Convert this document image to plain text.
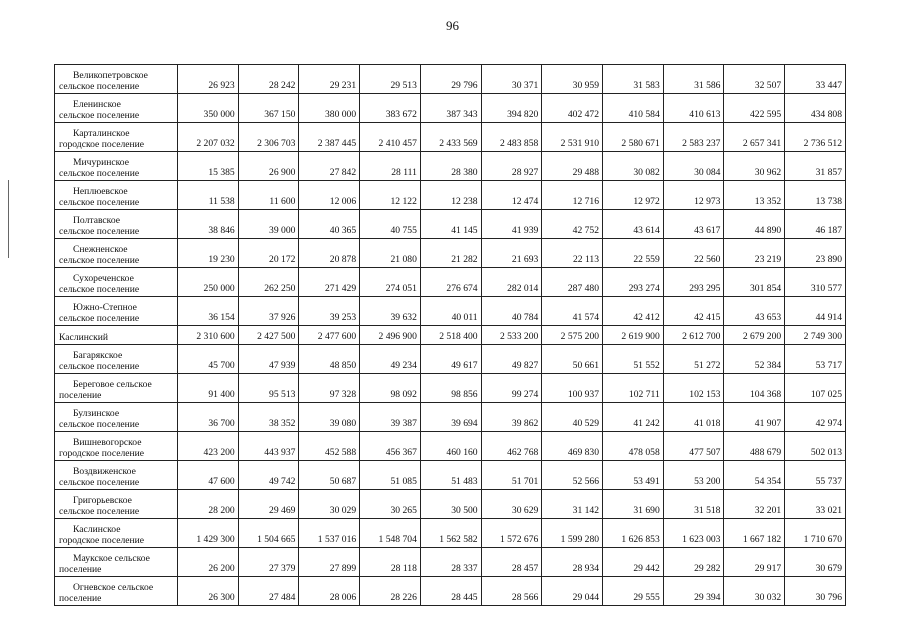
96
Великопетровское
сельское поселение	26 923	28 242	29 231	29 513	29 796	30 371	30 959	31 583	31 586	32 507	33 447

Еленинское
сельское поселение	350 000	367 150	380 000	383 672	387 343	394 820	402 472	410 584	410 613	422 595	434 808

Карталинское
городское поселение	2 207 032	2 306 703	2 387 445	2 410 457	2 433 569	2 483 858	2 531 910	2 580 671	2 583 237	2 657 341	2 736 512

Мичуринское
сельское поселение	15 385	26 900	27 842	28 111	28 380	28 927	29 488	30 082	30 084	30 962	31 857

Неплюевское
сельское поселение	11 538	11 600	12 006	12 122	12 238	12 474	12 716	12 972	12 973	13 352	13 738

Полтавское
сельское поселение	38 846	39 000	40 365	40 755	41 145	41 939	42 752	43 614	43 617	44 890	46 187

Снежненское
сельское поселение	19 230	20 172	20 878	21 080	21 282	21 693	22 113	22 559	22 560	23 219	23 890

Сухореченское
сельское поселение	250 000	262 250	271 429	274 051	276 674	282 014	287 480	293 274	293 295	301 854	310 577

Южно-Степное
сельское поселение	36 154	37 926	39 253	39 632	40 011	40 784	41 574	42 412	42 415	43 653	44 914

Каслинский	2 310 600	2 427 500	2 477 600	2 496 900	2 518 400	2 533 200	2 575 200	2 619 900	2 612 700	2 679 200	2 749 300

Багарякское
сельское поселение	45 700	47 939	48 850	49 234	49 617	49 827	50 661	51 552	51 272	52 384	53 717

Береговое сельское
поселение	91 400	95 513	97 328	98 092	98 856	99 274	100 937	102 711	102 153	104 368	107 025

Булзинское
сельское поселение	36 700	38 352	39 080	39 387	39 694	39 862	40 529	41 242	41 018	41 907	42 974

Вишневогорское
городское поселение	423 200	443 937	452 588	456 367	460 160	462 768	469 830	478 058	477 507	488 679	502 013

Воздвиженское
сельское поселение	47 600	49 742	50 687	51 085	51 483	51 701	52 566	53 491	53 200	54 354	55 737

Григорьевское
сельское поселение	28 200	29 469	30 029	30 265	30 500	30 629	31 142	31 690	31 518	32 201	33 021

Каслинское
городское поселение	1 429 300	1 504 665	1 537 016	1 548 704	1 562 582	1 572 676	1 599 280	1 626 853	1 623 003	1 667 182	1 710 670

Маукское сельское
поселение	26 200	27 379	27 899	28 118	28 337	28 457	28 934	29 442	29 282	29 917	30 679

Огневское сельское
поселение	26 300	27 484	28 006	28 226	28 445	28 566	29 044	29 555	29 394	30 032	30 796
